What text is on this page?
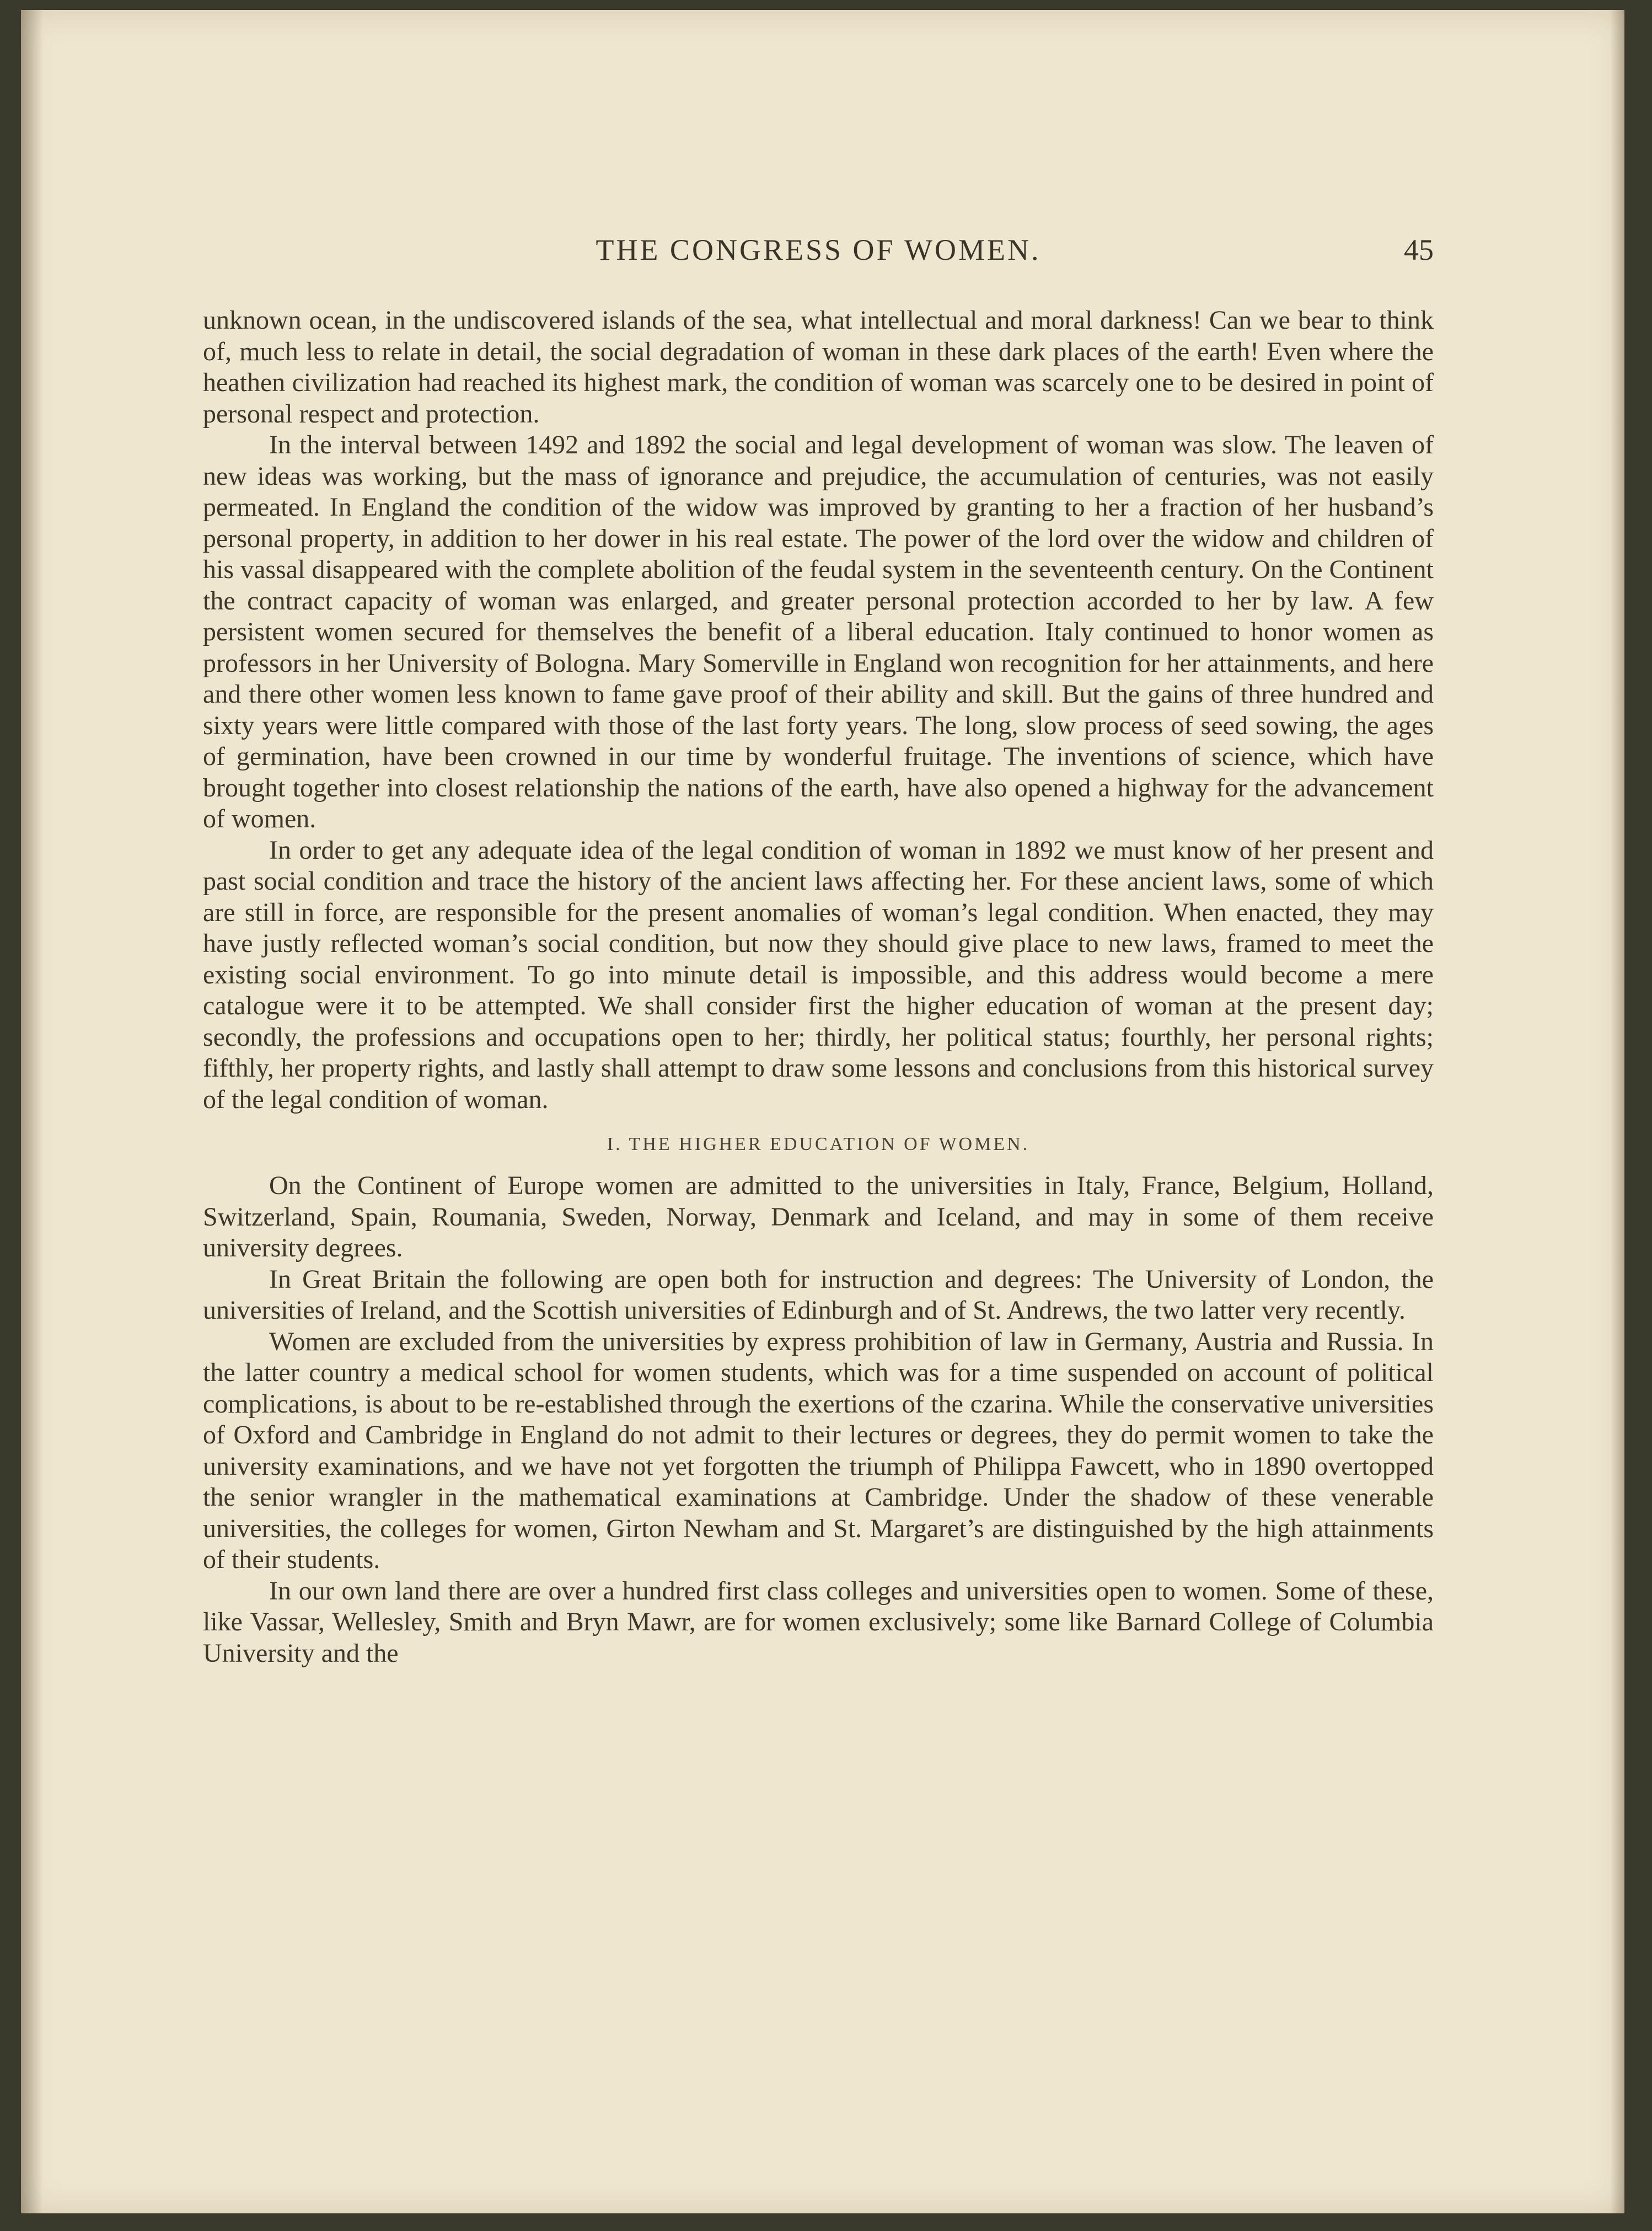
THE CONGRESS OF WOMEN.	45

unknown ocean, in the undiscovered islands of the sea, what intellectual and moral darkness! Can we bear to think of, much less to relate in detail, the social degradation of woman in these dark places of the earth! Even where the heathen civilization had reached its highest mark, the condition of woman was scarcely one to be desired in point of personal respect and protection.

In the interval between 1492 and 1892 the social and legal development of woman was slow. The leaven of new ideas was working, but the mass of ignorance and prejudice, the accumulation of centuries, was not easily permeated. In England the condition of the widow was improved by granting to her a fraction of her husband’s personal property, in addition to her dower in his real estate. The power of the lord over the widow and children of his vassal disappeared with the complete abolition of the feudal system in the seventeenth century. On the Continent the contract capacity of woman was enlarged, and greater personal protection accorded to her by law. A few persistent women secured for themselves the benefit of a liberal education. Italy continued to honor women as professors in her University of Bologna. Mary Somerville in England won recognition for her attainments, and here and there other women less known to fame gave proof of their ability and skill. But the gains of three hundred and sixty years were little compared with those of the last forty years. The long, slow process of seed sowing, the ages of germination, have been crowned in our time by wonderful fruitage. The inventions of science, which have brought together into closest relationship the nations of the earth, have also opened a highway for the advancement of women.

In order to get any adequate idea of the legal condition of woman in 1892 we must know of her present and past social condition and trace the history of the ancient laws affecting her. For these ancient laws, some of which are still in force, are responsible for the present anomalies of woman’s legal condition. When enacted, they may have justly reflected woman’s social condition, but now they should give place to new laws, framed to meet the existing social environment. To go into minute detail is impossible, and this address would become a mere catalogue were it to be attempted. We shall consider first the higher education of woman at the present day; secondly, the professions and occupations open to her; thirdly, her political status; fourthly, her personal rights; fifthly, her property rights, and lastly shall attempt to draw some lessons and conclusions from this historical survey of the legal condition of woman.

I. THE HIGHER EDUCATION OF WOMEN.

On the Continent of Europe women are admitted to the universities in Italy, France, Belgium, Holland, Switzerland, Spain, Roumania, Sweden, Norway, Denmark and Iceland, and may in some of them receive university degrees.

In Great Britain the following are open both for instruction and degrees: The University of London, the universities of Ireland, and the Scottish universities of Edinburgh and of St. Andrews, the two latter very recently.

Women are excluded from the universities by express prohibition of law in Germany, Austria and Russia. In the latter country a medical school for women students, which was for a time suspended on account of political complications, is about to be re-established through the exertions of the czarina. While the conservative universities of Oxford and Cambridge in England do not admit to their lectures or degrees, they do permit women to take the university examinations, and we have not yet forgotten the triumph of Philippa Fawcett, who in 1890 overtopped the senior wrangler in the mathematical examinations at Cambridge. Under the shadow of these venerable universities, the colleges for women, Girton Newham and St. Margaret’s are distinguished by the high attainments of their students.

In our own land there are over a hundred first class colleges and universities open to women. Some of these, like Vassar, Wellesley, Smith and Bryn Mawr, are for women exclusively; some like Barnard College of Columbia University and the
